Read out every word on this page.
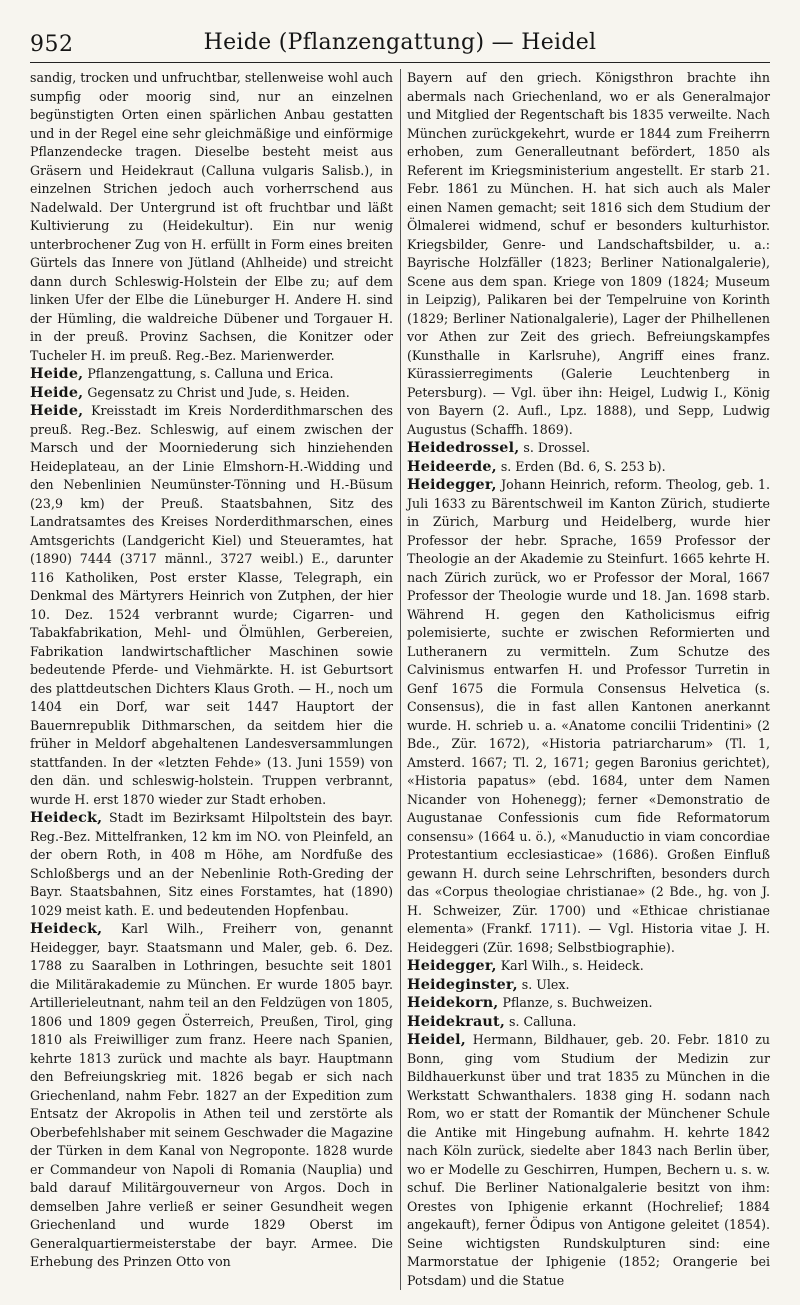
952	Heide (Pflanzengattung) — Heidel

sandig, trocken und unfruchtbar, stellenweise wohl auch sumpfig oder moorig sind, nur an einzelnen begünstigten Orten einen spärlichen Anbau gestatten und in der Regel eine sehr gleichmäßige und einförmige Pflanzendecke tragen. Dieselbe besteht meist aus Gräsern und Heidekraut (Calluna vulgaris Salisb.), in einzelnen Strichen jedoch auch vorherrschend aus Nadelwald. Der Untergrund ist oft fruchtbar und läßt Kultivierung zu (Heidekultur). Ein nur wenig unterbrochener Zug von H. erfüllt in Form eines breiten Gürtels das Innere von Jütland (Ahlheide) und streicht dann durch Schleswig-Holstein der Elbe zu; auf dem linken Ufer der Elbe die Lüneburger H. Andere H. sind der Hümling, die waldreiche Dübener und Torgauer H. in der preuß. Provinz Sachsen, die Konitzer oder Tucheler H. im preuß. Reg.-Bez. Marienwerder.

Heide, Pflanzengattung, s. Calluna und Erica.

Heide, Gegensatz zu Christ und Jude, s. Heiden.

Heide, Kreisstadt im Kreis Norderdithmarschen des preuß. Reg.-Bez. Schleswig, auf einem zwischen der Marsch und der Moorniederung sich hinziehenden Heideplateau, an der Linie Elmshorn-H.-Widding und den Nebenlinien Neumünster-Tönning und H.-Büsum (23,9 km) der Preuß. Staatsbahnen, Sitz des Landratsamtes des Kreises Norderdithmarschen, eines Amtsgerichts (Landgericht Kiel) und Steueramtes, hat (1890) 7444 (3717 männl., 3727 weibl.) E., darunter 116 Katholiken, Post erster Klasse, Telegraph, ein Denkmal des Märtyrers Heinrich von Zutphen, der hier 10. Dez. 1524 verbrannt wurde; Cigarren- und Tabakfabrikation, Mehl- und Ölmühlen, Gerbereien, Fabrikation landwirtschaftlicher Maschinen sowie bedeutende Pferde- und Viehmärkte. H. ist Geburtsort des plattdeutschen Dichters Klaus Groth. — H., noch um 1404 ein Dorf, war seit 1447 Hauptort der Bauernrepublik Dithmarschen, da seitdem hier die früher in Meldorf abgehaltenen Landesversammlungen stattfanden. In der «letzten Fehde» (13. Juni 1559) von den dän. und schleswig-holstein. Truppen verbrannt, wurde H. erst 1870 wieder zur Stadt erhoben.

Heideck, Stadt im Bezirksamt Hilpoltstein des bayr. Reg.-Bez. Mittelfranken, 12 km im NO. von Pleinfeld, an der obern Roth, in 408 m Höhe, am Nordfuße des Schloßbergs und an der Nebenlinie Roth-Greding der Bayr. Staatsbahnen, Sitz eines Forstamtes, hat (1890) 1029 meist kath. E. und bedeutenden Hopfenbau.

Heideck, Karl Wilh., Freiherr von, genannt Heidegger, bayr. Staatsmann und Maler, geb. 6. Dez. 1788 zu Saaralben in Lothringen, besuchte seit 1801 die Militärakademie zu München. Er wurde 1805 bayr. Artillerieleutnant, nahm teil an den Feldzügen von 1805, 1806 und 1809 gegen Österreich, Preußen, Tirol, ging 1810 als Freiwilliger zum franz. Heere nach Spanien, kehrte 1813 zurück und machte als bayr. Hauptmann den Befreiungskrieg mit. 1826 begab er sich nach Griechenland, nahm Febr. 1827 an der Expedition zum Entsatz der Akropolis in Athen teil und zerstörte als Oberbefehlshaber mit seinem Geschwader die Magazine der Türken in dem Kanal von Negroponte. 1828 wurde er Commandeur von Napoli di Romania (Nauplia) und bald darauf Militärgouverneur von Argos. Doch in demselben Jahre verließ er seiner Gesundheit wegen Griechenland und wurde 1829 Oberst im Generalquartiermeisterstabe der bayr. Armee. Die Erhebung des Prinzen Otto von

Bayern auf den griech. Königsthron brachte ihn abermals nach Griechenland, wo er als Generalmajor und Mitglied der Regentschaft bis 1835 verweilte. Nach München zurückgekehrt, wurde er 1844 zum Freiherrn erhoben, zum Generalleutnant befördert, 1850 als Referent im Kriegsministerium angestellt. Er starb 21. Febr. 1861 zu München. H. hat sich auch als Maler einen Namen gemacht; seit 1816 sich dem Studium der Ölmalerei widmend, schuf er besonders kulturhistor. Kriegsbilder, Genre- und Landschaftsbilder, u. a.: Bayrische Holzfäller (1823; Berliner Nationalgalerie), Scene aus dem span. Kriege von 1809 (1824; Museum in Leipzig), Palikaren bei der Tempelruine von Korinth (1829; Berliner Nationalgalerie), Lager der Philhellenen vor Athen zur Zeit des griech. Befreiungskampfes (Kunsthalle in Karlsruhe), Angriff eines franz. Kürassierregiments (Galerie Leuchtenberg in Petersburg). — Vgl. über ihn: Heigel, Ludwig I., König von Bayern (2. Aufl., Lpz. 1888), und Sepp, Ludwig Augustus (Schaffh. 1869).

Heidedrossel, s. Drossel.

Heideerde, s. Erden (Bd. 6, S. 253 b).

Heidegger, Johann Heinrich, reform. Theolog, geb. 1. Juli 1633 zu Bärentschweil im Kanton Zürich, studierte in Zürich, Marburg und Heidelberg, wurde hier Professor der hebr. Sprache, 1659 Professor der Theologie an der Akademie zu Steinfurt. 1665 kehrte H. nach Zürich zurück, wo er Professor der Moral, 1667 Professor der Theologie wurde und 18. Jan. 1698 starb. Während H. gegen den Katholicismus eifrig polemisierte, suchte er zwischen Reformierten und Lutheranern zu vermitteln. Zum Schutze des Calvinismus entwarfen H. und Professor Turretin in Genf 1675 die Formula Consensus Helvetica (s. Consensus), die in fast allen Kantonen anerkannt wurde. H. schrieb u. a. «Anatome concilii Tridentini» (2 Bde., Zür. 1672), «Historia patriarcharum» (Tl. 1, Amsterd. 1667; Tl. 2, 1671; gegen Baronius gerichtet), «Historia papatus» (ebd. 1684, unter dem Namen Nicander von Hohenegg); ferner «Demonstratio de Augustanae Confessionis cum fide Reformatorum consensu» (1664 u. ö.), «Manuductio in viam concordiae Protestantium ecclesiasticae» (1686). Großen Einfluß gewann H. durch seine Lehrschriften, besonders durch das «Corpus theologiae christianae» (2 Bde., hg. von J. H. Schweizer, Zür. 1700) und «Ethicae christianae elementa» (Frankf. 1711). — Vgl. Historia vitae J. H. Heideggeri (Zür. 1698; Selbstbiographie).

Heidegger, Karl Wilh., s. Heideck.

Heideginster, s. Ulex.

Heidekorn, Pflanze, s. Buchweizen.

Heidekraut, s. Calluna.

Heidel, Hermann, Bildhauer, geb. 20. Febr. 1810 zu Bonn, ging vom Studium der Medizin zur Bildhauerkunst über und trat 1835 zu München in die Werkstatt Schwanthalers. 1838 ging H. sodann nach Rom, wo er statt der Romantik der Münchener Schule die Antike mit Hingebung aufnahm. H. kehrte 1842 nach Köln zurück, siedelte aber 1843 nach Berlin über, wo er Modelle zu Geschirren, Humpen, Bechern u. s. w. schuf. Die Berliner Nationalgalerie besitzt von ihm: Orestes von Iphigenie erkannt (Hochrelief; 1884 angekauft), ferner Ödipus von Antigone geleitet (1854). Seine wichtigsten Rundskulpturen sind: eine Marmorstatue der Iphigenie (1852; Orangerie bei Potsdam) und die Statue
